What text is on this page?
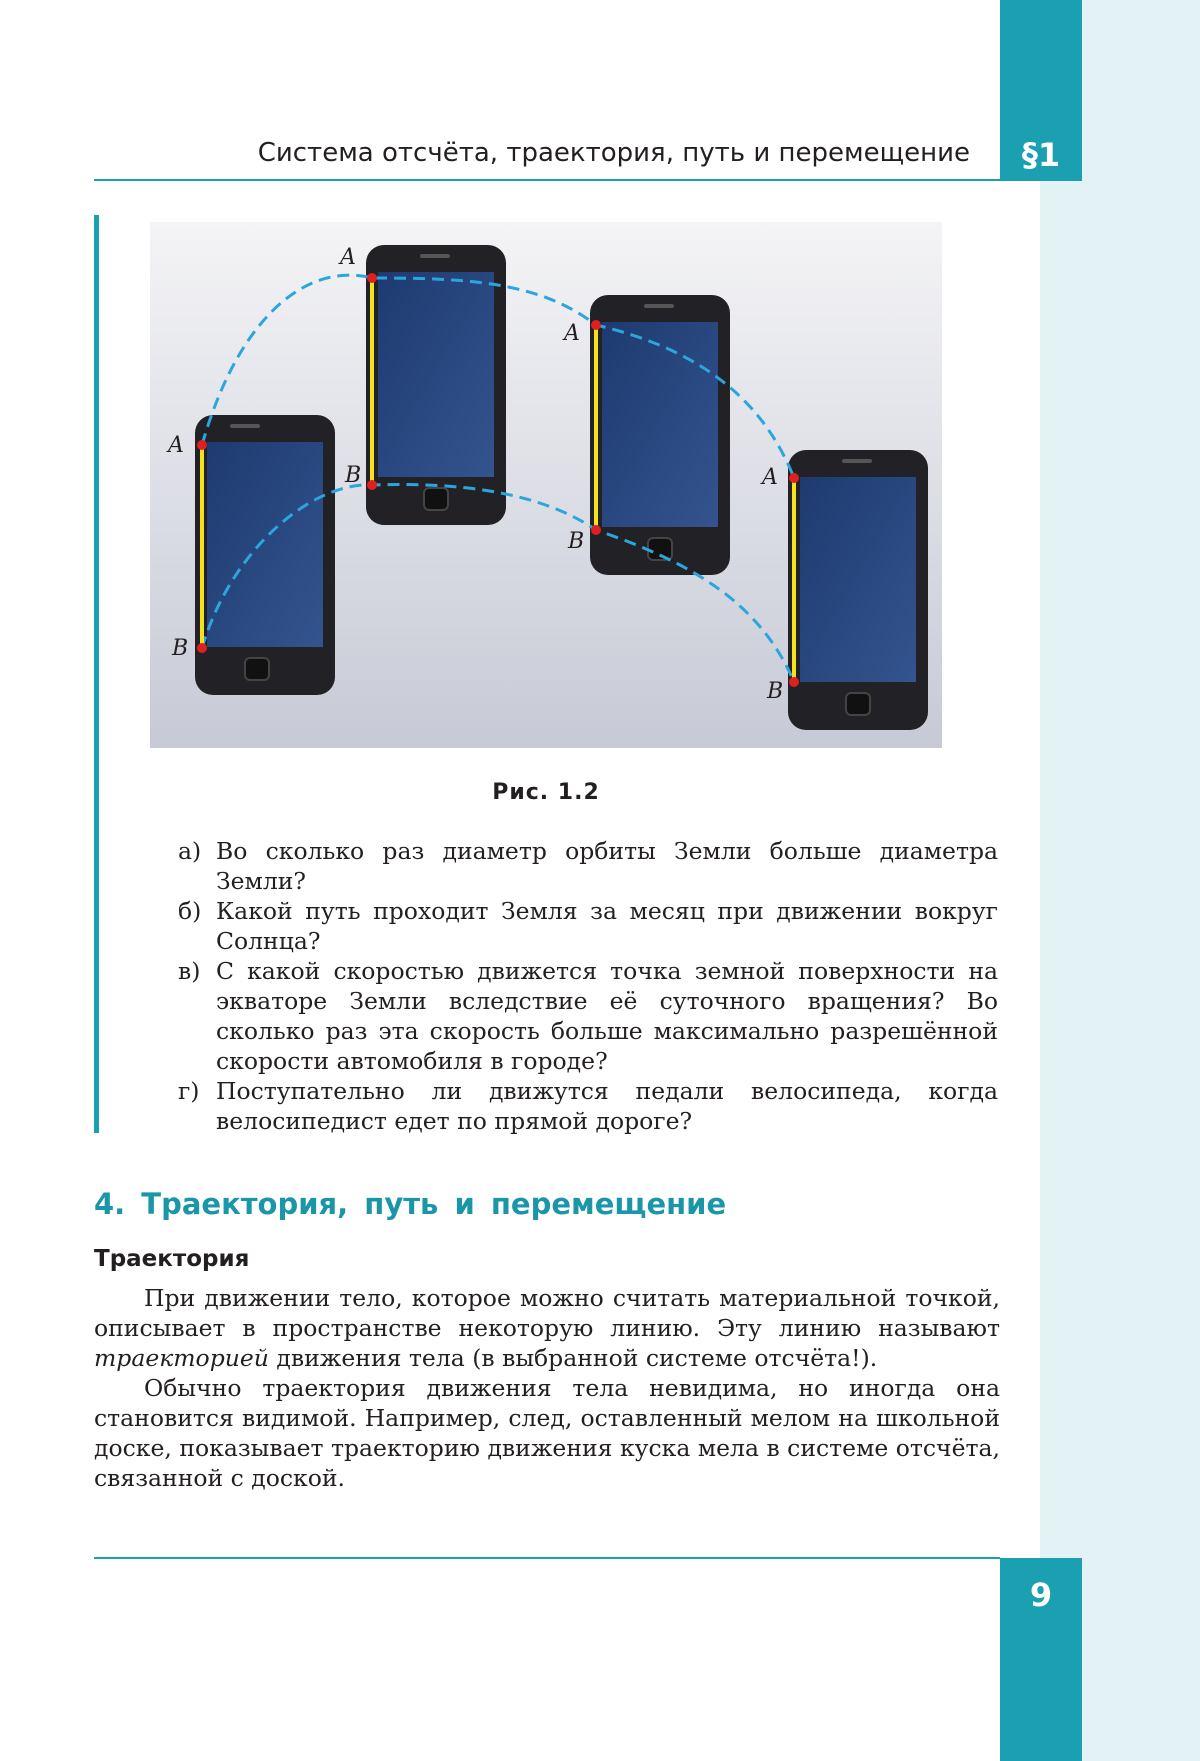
§1
9
Система отсчёта, траектория, путь и перемещение
A
B
A
B
A
B
A
B
Рис. 1.2
а) Во сколько раз диаметр орбиты Земли больше диаметра Земли?
б) Какой путь проходит Земля за месяц при движении вокруг Солнца?
в) С какой скоростью движется точка земной поверхности на экваторе Земли вследствие её суточного вращения? Во сколько раз эта скорость больше максимально разрешённой скорости автомобиля в городе?
г) Поступательно ли движутся педали велосипеда, когда велосипедист едет по прямой дороге?
4. Траектория, путь и перемещение
Траектория

При движении тело, которое можно считать материальной точкой, описывает в пространстве некоторую линию. Эту линию называют траекторией движения тела (в выбранной системе отсчёта!).

Обычно траектория движения тела невидима, но иногда она становится видимой. Например, след, оставленный мелом на школьной доске, показывает траекторию движения куска мела в системе отсчёта, связанной с доской.
